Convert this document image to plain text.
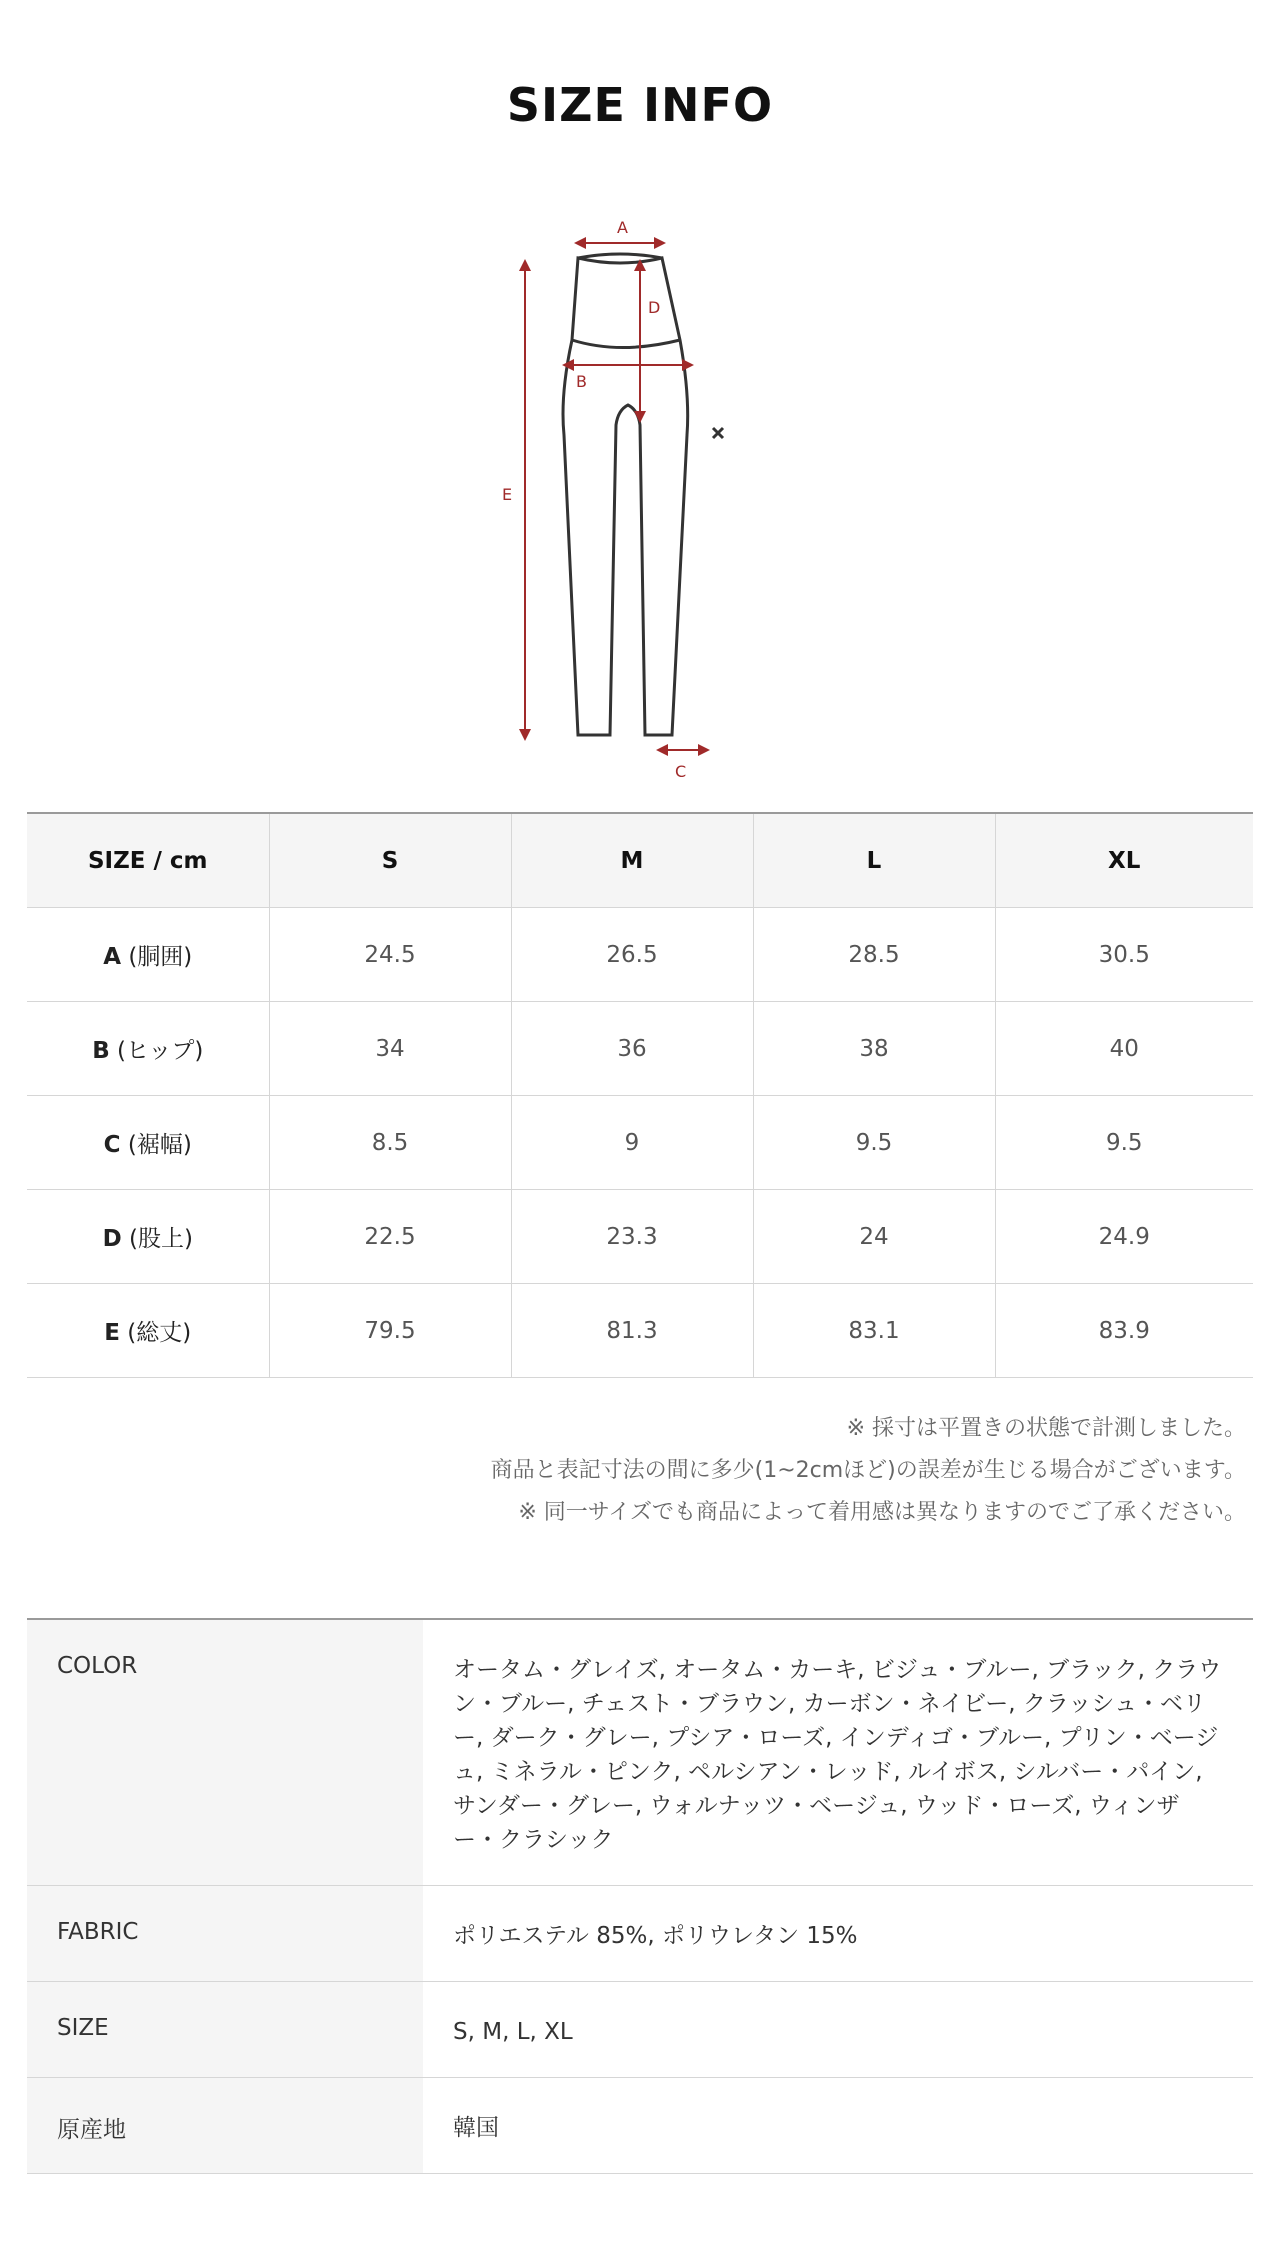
SIZE INFO
A
D
B
E
C
SIZE / cm	S	M	L	XL
A (胴囲)	24.5	26.5	28.5	30.5
B (ヒップ)	34	36	38	40
C (裾幅)	8.5	9	9.5	9.5
D (股上)	22.5	23.3	24	24.9
E (総丈)	79.5	81.3	83.1	83.9
※ 採寸は平置きの状態で計測しました。
商品と表記寸法の間に多少(1~2cmほど)の誤差が生じる場合がございます。
※ 同一サイズでも商品によって着用感は異なりますのでご了承ください。
COLOR	オータム・グレイズ, オータム・カーキ, ビジュ・ブルー, ブラック, クラウン・ブルー, チェスト・ブラウン, カーボン・ネイビー, クラッシュ・ベリー, ダーク・グレー, プシア・ローズ, インディゴ・ブルー, プリン・ベージュ, ミネラル・ピンク, ペルシアン・レッド, ルイボス, シルバー・パイン, サンダー・グレー, ウォルナッツ・ベージュ, ウッド・ローズ, ウィンザー・クラシック
FABRIC	ポリエステル 85%, ポリウレタン 15%
SIZE	S, M, L, XL
原産地	韓国
